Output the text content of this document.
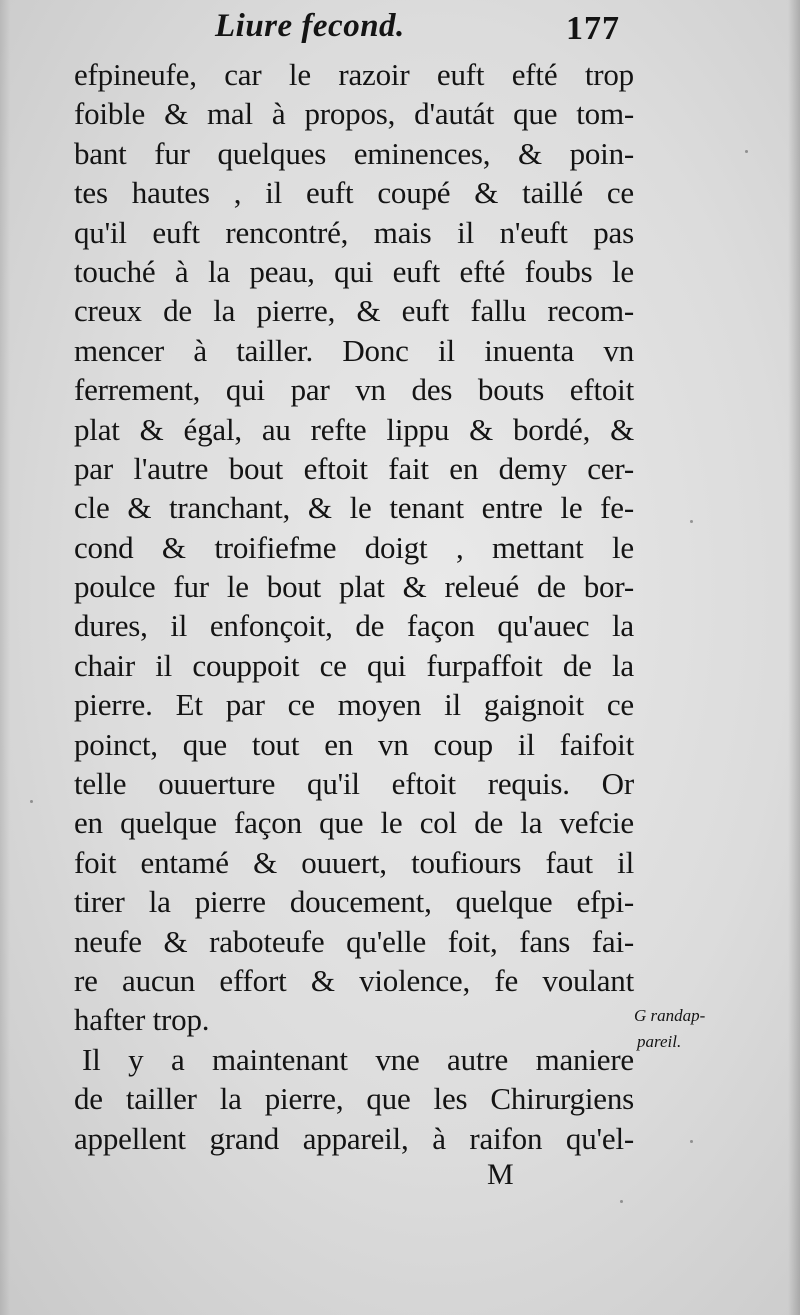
Liure fecond.	177
efpineufe, car le razoir euft efté trop
foible & mal à propos, d'autát que tom-
bant fur quelques eminences, & poin-
tes hautes , il euft coupé & taillé ce
qu'il euft rencontré, mais il n'euft pas
touché à la peau, qui euft efté foubs le
creux de la pierre, & euft fallu recom-
mencer à tailler. Donc il inuenta vn
ferrement, qui par vn des bouts eftoit
plat & égal, au refte lippu & bordé, &
par l'autre bout eftoit fait en demy cer-
cle & tranchant, & le tenant entre le fe-
cond & troifiefme doigt , mettant le
poulce fur le bout plat & releué de bor-
dures, il enfonçoit, de façon qu'auec la
chair il couppoit ce qui furpaffoit de la
pierre. Et par ce moyen il gaignoit ce
poinct, que tout en vn coup il faifoit
telle ouuerture qu'il eftoit requis. Or
en quelque façon que le col de la vefcie
foit entamé & ouuert, toufiours faut il
tirer la pierre doucement, quelque efpi-
neufe & raboteufe qu'elle foit, fans fai-
re aucun effort & violence, fe voulant
hafter trop.
Il y a maintenant vne autre maniere
de tailler la pierre, que les Chirurgiens
appellent grand appareil, à raifon qu'el-
G randap-
pareil.
M
